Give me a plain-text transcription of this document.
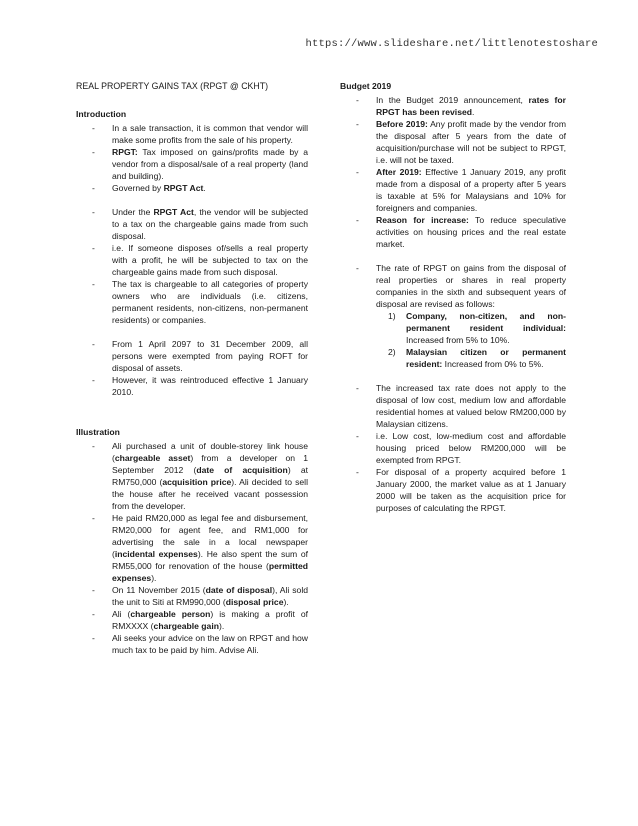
https://www.slideshare.net/littlenotestoshare
REAL PROPERTY GAINS TAX (RPGT @ CKHT)
Introduction
- In a sale transaction, it is common that vendor will make some profits from the sale of his property.
- RPGT: Tax imposed on gains/profits made by a vendor from a disposal/sale of a real property (land and building).
- Governed by RPGT Act.
- Under the RPGT Act, the vendor will be subjected to a tax on the chargeable gains made from such disposal.
- i.e. If someone disposes of/sells a real property with a profit, he will be subjected to tax on the chargeable gains made from such disposal.
- The tax is chargeable to all categories of property owners who are individuals (i.e. citizens, permanent residents, non-citizens, non-permanent residents) or companies.
- From 1 April 2097 to 31 December 2009, all persons were exempted from paying ROFT for disposal of assets.
- However, it was reintroduced effective 1 January 2010.
Illustration
- Ali purchased a unit of double-storey link house (chargeable asset) from a developer on 1 September 2012 (date of acquisition) at RM750,000 (acquisition price). Ali decided to sell the house after he received vacant possession from the developer.
- He paid RM20,000 as legal fee and disbursement, RM20,000 for agent fee, and RM1,000 for advertising the sale in a local newspaper (incidental expenses). He also spent the sum of RM55,000 for renovation of the house (permitted expenses).
- On 11 November 2015 (date of disposal), Ali sold the unit to Siti at RM990,000 (disposal price).
- Ali (chargeable person) is making a profit of RMXXXX (chargeable gain).
- Ali seeks your advice on the law on RPGT and how much tax to be paid by him. Advise Ali.
Budget 2019
- In the Budget 2019 announcement, rates for RPGT has been revised.
- Before 2019: Any profit made by the vendor from the disposal after 5 years from the date of acquisition/purchase will not be subject to RPGT, i.e. will not be taxed.
- After 2019: Effective 1 January 2019, any profit made from a disposal of a property after 5 years is taxable at 5% for Malaysians and 10% for foreigners and companies.
- Reason for increase: To reduce speculative activities on housing prices and the real estate market.
- The rate of RPGT on gains from the disposal of real properties or shares in real property companies in the sixth and subsequent years of disposal are revised as follows:
1) Company, non-citizen, and non-permanent resident individual: Increased from 5% to 10%.
2) Malaysian citizen or permanent resident: Increased from 0% to 5%.
- The increased tax rate does not apply to the disposal of low cost, medium low and affordable residential homes at valued below RM200,000 by Malaysian citizens.
- i.e. Low cost, low-medium cost and affordable housing priced below RM200,000 will be exempted from RPGT.
- For disposal of a property acquired before 1 January 2000, the market value as at 1 January 2000 will be taken as the acquisition price for purposes of calculating the RPGT.
